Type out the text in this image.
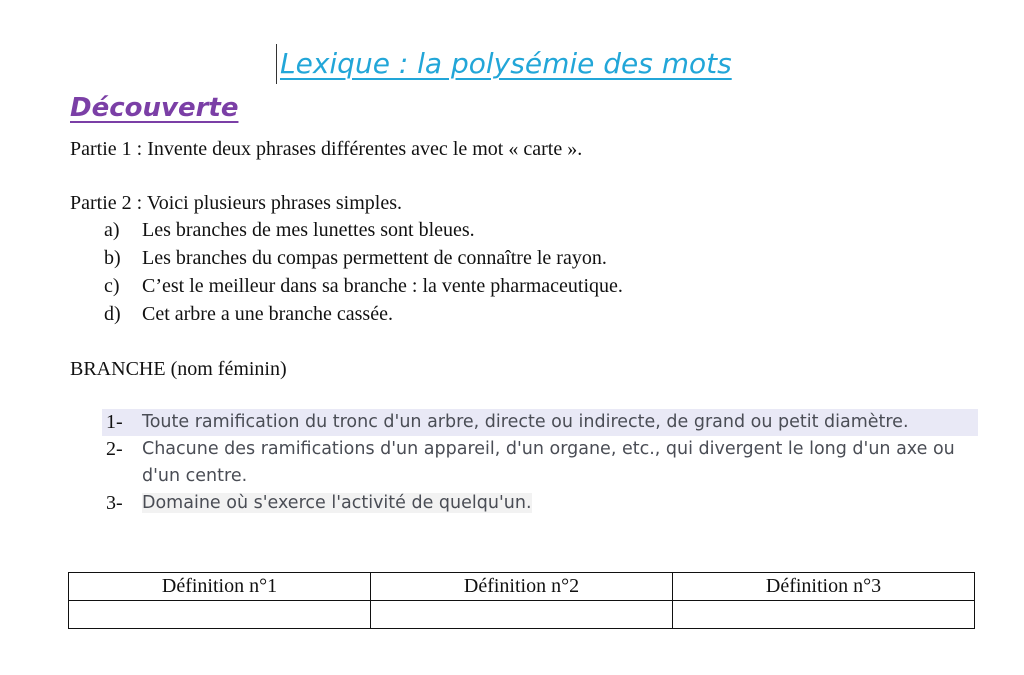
Lexique : la polysémie des mots
Découverte
Partie 1 : Invente deux phrases différentes avec le mot « carte ».
Partie 2 : Voici plusieurs phrases simples.
a) Les branches de mes lunettes sont bleues.
b) Les branches du compas permettent de connaître le rayon.
c) C’est le meilleur dans sa branche : la vente pharmaceutique.
d) Cet arbre a une branche cassée.
BRANCHE (nom féminin)
1- Toute ramification du tronc d'un arbre, directe ou indirecte, de grand ou petit diamètre.
2- Chacune des ramifications d'un appareil, d'un organe, etc., qui divergent le long d'un axe ou d'un centre.
3- Domaine où s'exerce l'activité de quelqu'un.
Définition n°1	Définition n°2	Définition n°3
